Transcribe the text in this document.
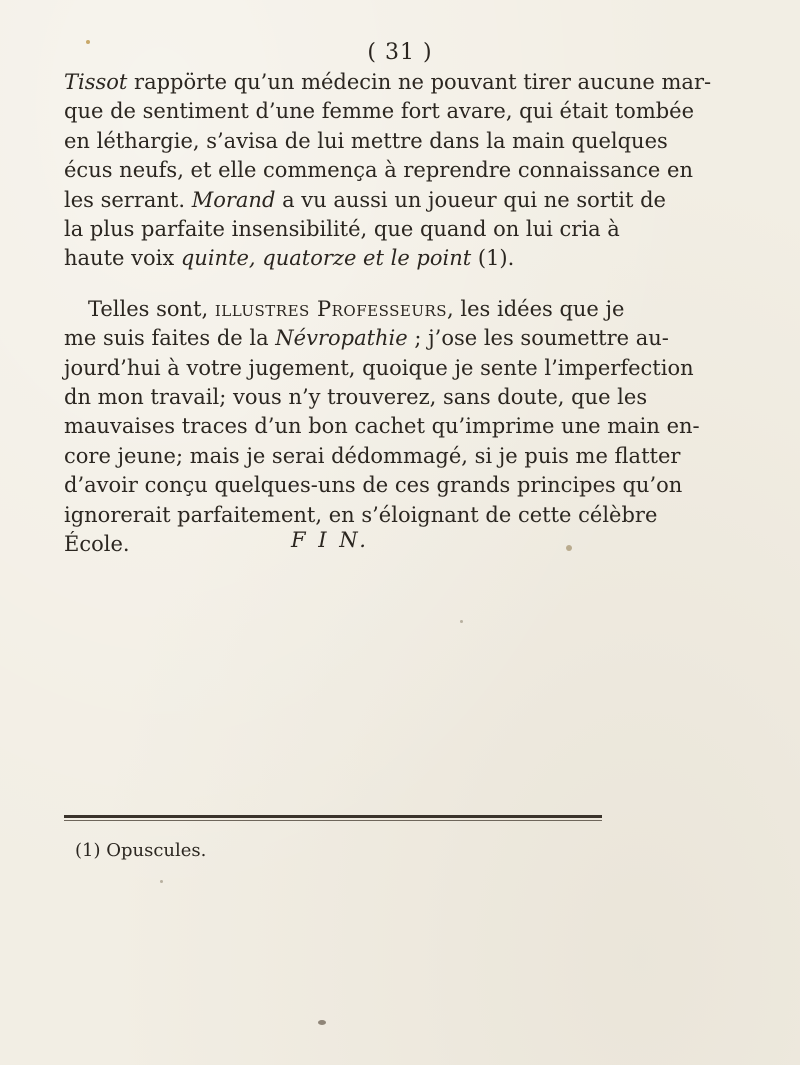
( 31 )
Tissot rappörte qu’un médecin ne pouvant tirer aucune mar-
que de sentiment d’une femme fort avare, qui était tombée
en léthargie, s’avisa de lui mettre dans la main quelques
écus neufs, et elle commença à reprendre connaissance en
les serrant. Morand a vu aussi un joueur qui ne sortit de
la plus parfaite insensibilité, que quand on lui cria à
haute voix quinte, quatorze et le point (1).
Telles sont, illustres Professeurs, les idées que je
me suis faites de la Névropathie ; j’ose les soumettre au-
jourd’hui à votre jugement, quoique je sente l’imperfection
dn mon travail; vous n’y trouverez, sans doute, que les
mauvaises traces d’un bon cachet qu’imprime une main en-
core jeune; mais je serai dédommagé, si je puis me flatter
d’avoir conçu quelques-uns de ces grands principes qu’on
ignorerait parfaitement, en s’éloignant de cette célèbre
École.	F I N.
(1) Opuscules.
